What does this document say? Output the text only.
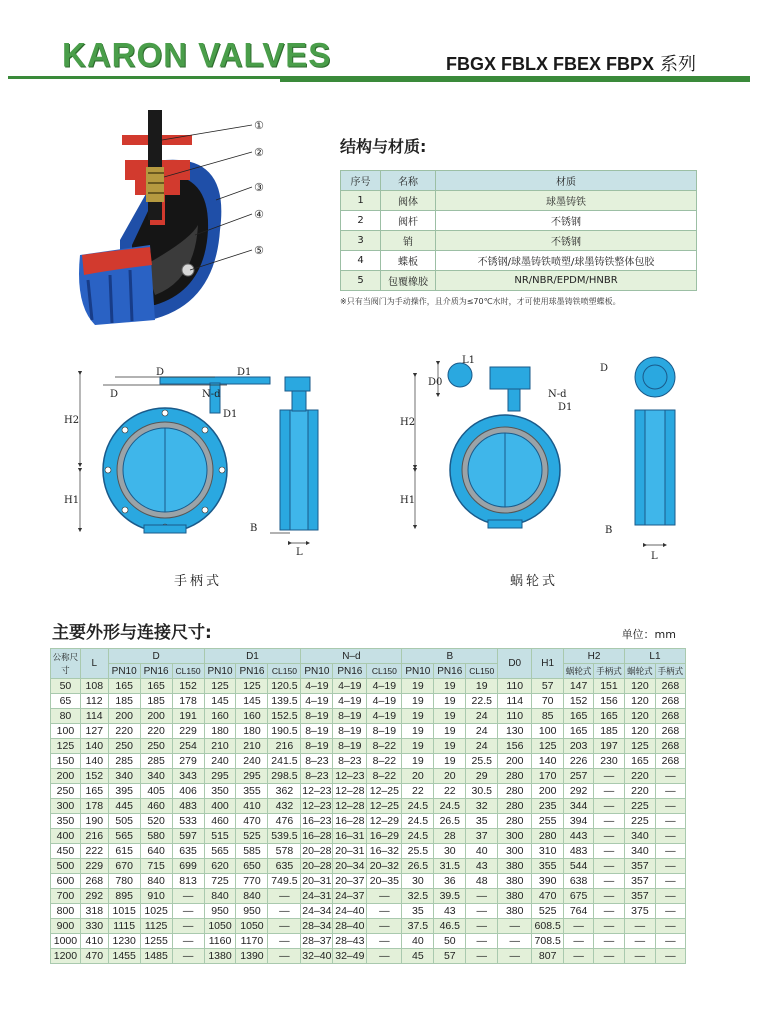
KARON VALVES	FBGX FBLX FBEX FBPX 系列
①
②
③
④
⑤
结构与材质:
序号	名称	材质
1	阀体	球墨铸铁
2	阀杆	不锈钢
3	销	不锈钢
4	蝶板	不锈钢/球墨铸铁喷塑/球墨铸铁整体包胶
5	包覆橡胶	NR/NBR/EPDM/HNBR
※只有当阀门为手动操作，且介质为≤70℃水时，才可使用球墨铸铁喷塑蝶板。
D	D1
D	N-d
D1
H2
H1
B
L
D0
L1
D
N-d
D1
H2
H1
B
L
手柄式	蜗轮式
主要外形与连接尺寸:	单位：mm
公称尺寸	L	D			D1			N–d			B			D0	H1	H2		L1	
		PN10	PN16	CL150	PN10	PN16	CL150	PN10	PN16	CL150	PN10	PN16	CL150			蜗轮式	手柄式	蜗轮式	手柄式
50	108	165	165	152	125	125	120.5	4–19	4–19	4–19	19	19	19	110	57	147	151	120	268
65	112	185	185	178	145	145	139.5	4–19	4–19	4–19	19	19	22.5	114	70	152	156	120	268
80	114	200	200	191	160	160	152.5	8–19	8–19	4–19	19	19	24	110	85	165	165	120	268
100	127	220	220	229	180	180	190.5	8–19	8–19	8–19	19	19	24	130	100	165	185	120	268
125	140	250	250	254	210	210	216	8–19	8–19	8–22	19	19	24	156	125	203	197	125	268
150	140	285	285	279	240	240	241.5	8–23	8–23	8–22	19	19	25.5	200	140	226	230	165	268
200	152	340	340	343	295	295	298.5	8–23	12–23	8–22	20	20	29	280	170	257	—	220	—
250	165	395	405	406	350	355	362	12–23	12–28	12–25	22	22	30.5	280	200	292	—	220	—
300	178	445	460	483	400	410	432	12–23	12–28	12–25	24.5	24.5	32	280	235	344	—	225	—
350	190	505	520	533	460	470	476	16–23	16–28	12–29	24.5	26.5	35	280	255	394	—	225	—
400	216	565	580	597	515	525	539.5	16–28	16–31	16–29	24.5	28	37	300	280	443	—	340	—
450	222	615	640	635	565	585	578	20–28	20–31	16–32	25.5	30	40	300	310	483	—	340	—
500	229	670	715	699	620	650	635	20–28	20–34	20–32	26.5	31.5	43	380	355	544	—	357	—
600	268	780	840	813	725	770	749.5	20–31	20–37	20–35	30	36	48	380	390	638	—	357	—
700	292	895	910	—	840	840	—	24–31	24–37	—	32.5	39.5	—	380	470	675	—	357	—
800	318	1015	1025	—	950	950	—	24–34	24–40	—	35	43	—	380	525	764	—	375	—
900	330	1115	1125	—	1050	1050	—	28–34	28–40	—	37.5	46.5	—	—	608.5	—	—	—	—
1000	410	1230	1255	—	1160	1170	—	28–37	28–43	—	40	50	—	—	708.5	—	—	—	—
1200	470	1455	1485	—	1380	1390	—	32–40	32–49	—	45	57	—	—	807	—	—	—	—
